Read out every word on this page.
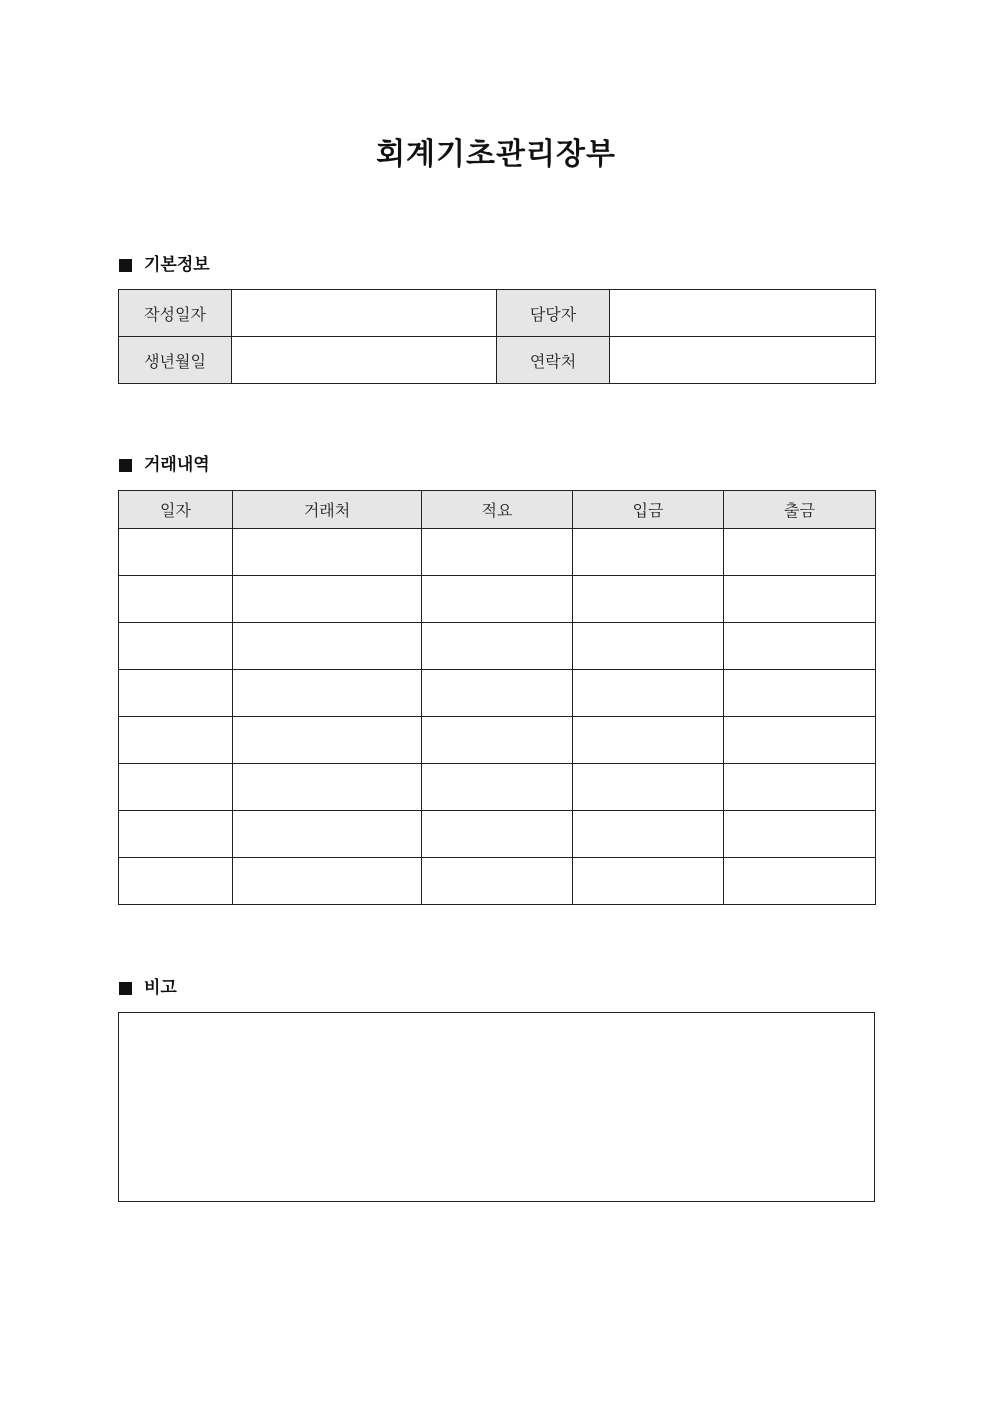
회계기초관리장부
기본정보
작성일자		담당자	
생년월일		연락처	
거래내역
일자	거래처	적요	입금	출금

비고
